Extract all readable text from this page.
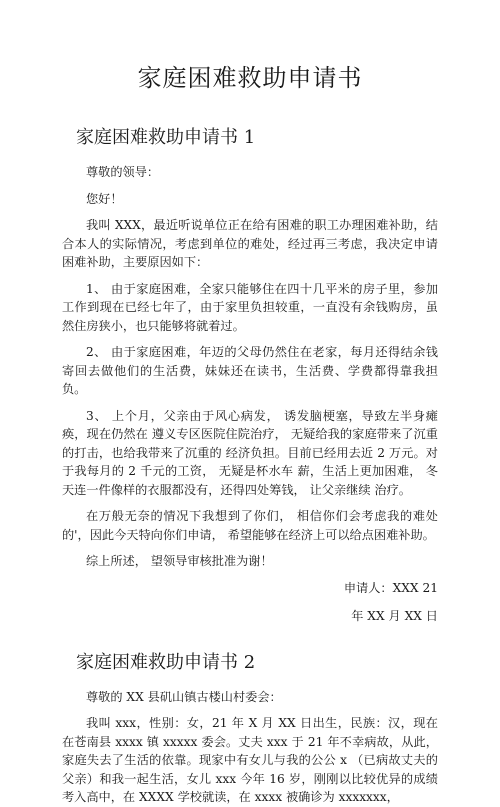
家庭困难救助申请书
家庭困难救助申请书 1

尊敬的领导：

您好！

我叫 XXX，最近听说单位正在给有困难的职工办理困难补助，结合本人的实际情况，考虑到单位的难处，经过再三考虑，我决定申请困难补助，主要原因如下：

1、 由于家庭困难，全家只能够住在四十几平米的房子里，参加工作到现在已经七年了，由于家里负担较重，一直没有余钱购房，虽然住房狭小，也只能够将就着过。

2、 由于家庭困难，年迈的父母仍然住在老家，每月还得结余钱寄回去做他们的生活费，妹妹还在读书，生活费、学费都得靠我担负。

3、 上个月，父亲由于风心病发， 诱发脑梗塞，导致左半身瘫痪，现在仍然在 遵义专区医院住院治疗， 无疑给我的家庭带来了沉重的打击，也给我带来了沉重的 经济负担。目前已经用去近 2 万元。对于我每月的 2 千元的工资， 无疑是杯水车 薪，生活上更加困难， 冬天连一件像样的衣服都没有，还得四处筹钱， 让父亲继续 治疗。

在万般无奈的情况下我想到了你们， 相信你们会考虑我的难处的'，因此今天特向你们申请， 希望能够在经济上可以给点困难补助。

综上所述， 望领导审核批准为谢！

申请人：XXX 21

年 XX 月 XX 日

家庭困难救助申请书 2

尊敬的 XX 县矶山镇古楼山村委会：

我叫 xxx，性别：女，21 年 X 月 XX 日出生，民族：汉，现在在苍南县 xxxx 镇 xxxxx 委会。丈夫 xxx 于 21 年不幸病故，从此，家庭失去了生活的依靠。现家中有女儿与我的公公 x （已病故丈夫的父亲）和我一起生活，女儿 xxx 今年 16 岁，刚刚以比较优异的成绩考入高中，在 XXXX 学校就读，在 xxxx 被确诊为 xxxxxxx，
